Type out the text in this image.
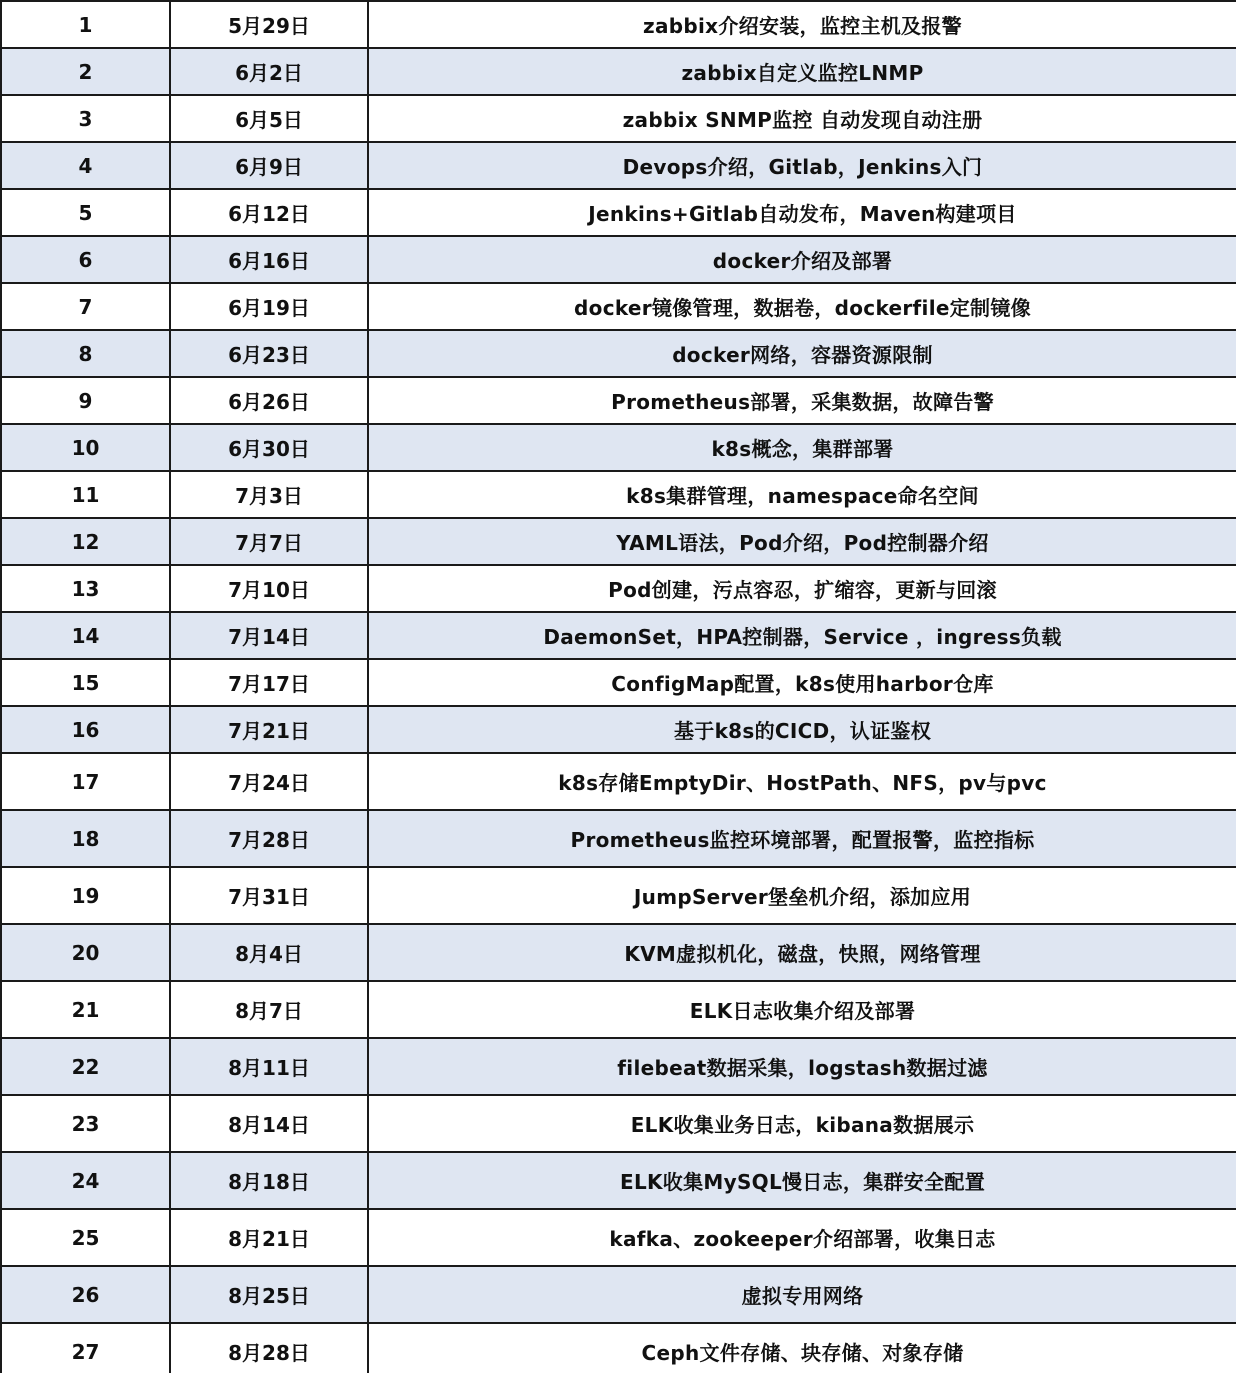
1	5月29日	zabbix介绍安装，监控主机及报警
2	6月2日	zabbix自定义监控LNMP
3	6月5日	zabbix SNMP监控 自动发现自动注册
4	6月9日	Devops介绍，Gitlab，Jenkins入门
5	6月12日	Jenkins+Gitlab自动发布，Maven构建项目
6	6月16日	docker介绍及部署
7	6月19日	docker镜像管理，数据卷，dockerfile定制镜像
8	6月23日	docker网络，容器资源限制
9	6月26日	Prometheus部署，采集数据，故障告警
10	6月30日	k8s概念，集群部署
11	7月3日	k8s集群管理，namespace命名空间
12	7月7日	YAML语法，Pod介绍，Pod控制器介绍
13	7月10日	Pod创建，污点容忍，扩缩容，更新与回滚
14	7月14日	DaemonSet，HPA控制器，Service ，ingress负载
15	7月17日	ConfigMap配置，k8s使用harbor仓库
16	7月21日	基于k8s的CICD，认证鉴权
17	7月24日	k8s存储EmptyDir、HostPath、NFS，pv与pvc
18	7月28日	Prometheus监控环境部署，配置报警，监控指标
19	7月31日	JumpServer堡垒机介绍，添加应用
20	8月4日	KVM虚拟机化，磁盘，快照，网络管理
21	8月7日	ELK日志收集介绍及部署
22	8月11日	filebeat数据采集，logstash数据过滤
23	8月14日	ELK收集业务日志，kibana数据展示
24	8月18日	ELK收集MySQL慢日志，集群安全配置
25	8月21日	kafka、zookeeper介绍部署，收集日志
26	8月25日	虚拟专用网络
27	8月28日	Ceph文件存储、块存储、对象存储
